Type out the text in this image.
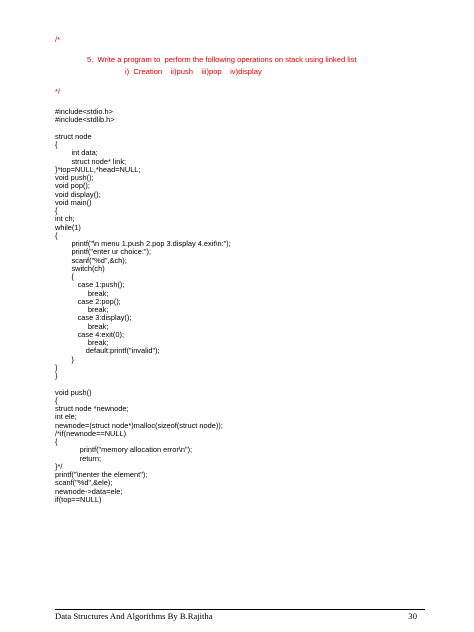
/*
5.  Write a program to  perform the following operations on stack using linked list
i)  Creation    ii)push    iii)pop    iv)display
*/
#include<stdio.h>
#include<stdlib.h>

struct node
{
		int data;
		struct node* link;
}*top=NULL,*head=NULL;
void push();
void pop();
void display();
void main()
{
int ch;
while(1)
{
		printf("\n menu 1.push 2.pop 3.display 4.exit\n:");
		printf("enter ur choice:");
		scanf("%d",&ch);
		switch(ch)
		{
		case 1:push();
				break;
		case 2:pop();
				break;
		case 3:display();
				break;
		case 4:exit(0);
				break;
			default:printf("invalid");
		}
}
}

void push()
{
struct node *newnode;
int ele;
newnode=(struct node*)malloc(sizeof(struct node));
/*if(newnode==NULL)
{
			printf("memory allocation error\n");
			return;
}*/
printf("\nenter the element");
scanf("%d",&ele);
newnode->data=ele;
if(top==NULL)
Data Structures And Algorithms By B.Rajitha	30
